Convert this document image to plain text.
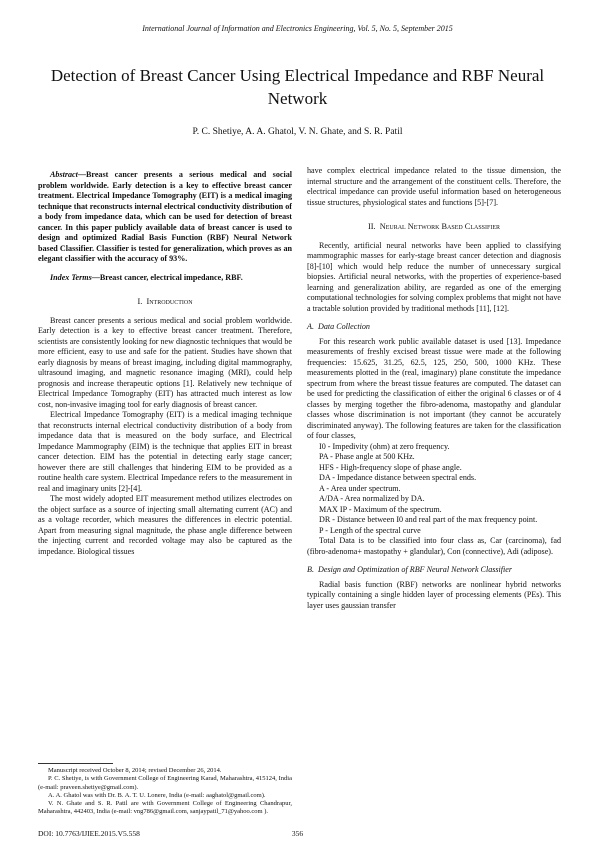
International Journal of Information and Electronics Engineering, Vol. 5, No. 5, September 2015
Detection of Breast Cancer Using Electrical Impedance and RBF Neural Network
P. C. Shetiye, A. A. Ghatol, V. N. Ghate, and S. R. Patil

Abstract—Breast cancer presents a serious medical and social problem worldwide. Early detection is a key to effective breast cancer treatment. Electrical Impedance Tomography (EIT) is a medical imaging technique that reconstructs internal electrical conductivity distribution of a body from impedance data, which can be used for detection of breast cancer. In this paper publicly available data of breast cancer is used to design and optimized Radial Basis Function (RBF) Neural Network based Classifier. Classifier is tested for generalization, which proves as an elegant classifier with the accuracy of 93%.

Index Terms—Breast cancer, electrical impedance, RBF.

I. Introduction

Breast cancer presents a serious medical and social problem worldwide. Early detection is a key to effective breast cancer treatment. Therefore, scientists are consistently looking for new diagnostic techniques that would be more efficient, easy to use and safe for the patient. Studies have shown that early diagnosis by means of breast imaging, including digital mammography, ultrasound imaging, and magnetic resonance imaging (MRI), could help prognosis and increase therapeutic options [1]. Relatively new technique of Electrical Impedance Tomography (EIT) has attracted much interest as low cost, non-invasive imaging tool for early diagnosis of breast cancer.

Electrical Impedance Tomography (EIT) is a medical imaging technique that reconstructs internal electrical conductivity distribution of a body from impedance data that is measured on the body surface, and Electrical Impedance Mammography (EIM) is the technique that applies EIT in breast cancer detection. EIM has the potential in detecting early stage cancer; however there are still challenges that hindering EIM to be provided as a routine health care system. Electrical Impedance refers to the measurement in real and imaginary units [2]-[4].

The most widely adopted EIT measurement method utilizes electrodes on the object surface as a source of injecting small alternating current (AC) and as a voltage recorder, which measures the differences in electric potential. Apart from measuring signal magnitude, the phase angle difference between the injecting current and recorded voltage may also be captured as the impedance. Biological tissues

Manuscript received October 8, 2014; revised December 26, 2014.

P. C. Shetiye, is with Government College of Engineering Karad, Maharashtra, 415124, India (e-mail: praveen.shetiye@gmail.com).

A. A. Ghatol was with Dr. B. A. T. U. Lonere, India (e-mail: aaghatol@gmail.com).

V. N. Ghate and S. R. Patil are with Government College of Engineering Chandrapur, Maharashtra, 442403, India (e-mail: vng786@gmail.com, sanjaypatil_71@yahoo.com ).

have complex electrical impedance related to the tissue dimension, the internal structure and the arrangement of the constituent cells. Therefore, the electrical impedance can provide useful information based on heterogeneous tissue structures, physiological states and functions [5]-[7].

II. Neural Network Based Classifier

Recently, artificial neural networks have been applied to classifying mammographic masses for early-stage breast cancer detection and diagnosis [8]-[10] which would help reduce the number of unnecessary surgical biopsies. Artificial neural networks, with the properties of experience-based learning and generalization ability, are regarded as one of the emerging computational technologies for solving complex problems that might not have a tractable solution provided by traditional methods [11], [12].

A. Data Collection

For this research work public available dataset is used [13]. Impedance measurements of freshly excised breast tissue were made at the following frequencies: 15.625, 31.25, 62.5, 125, 250, 500, 1000 KHz. These measurements plotted in the (real, imaginary) plane constitute the impedance spectrum from where the breast tissue features are computed. The dataset can be used for predicting the classification of either the original 6 classes or of 4 classes by merging together the fibro-adenoma, mastopathy and glandular classes whose discrimination is not important (they cannot be accurately discriminated anyway). The following features are taken for the classification of four classes,

I0 - Impedivity (ohm) at zero frequency.

PA - Phase angle at 500 KHz.

HFS - High-frequency slope of phase angle.

DA - Impedance distance between spectral ends.

A - Area under spectrum.

A/DA - Area normalized by DA.

MAX IP - Maximum of the spectrum.

DR - Distance between I0 and real part of the max frequency point.

P - Length of the spectral curve

Total Data is to be classified into four class as, Car (carcinoma), fad (fibro-adenoma+ mastopathy + glandular), Con (connective), Adi (adipose).

B. Design and Optimization of RBF Neural Network Classifier

Radial basis function (RBF) networks are nonlinear hybrid networks typically containing a single hidden layer of processing elements (PEs). This layer uses gaussian transfer

DOI: 10.7763/IJIEE.2015.V5.558	356
